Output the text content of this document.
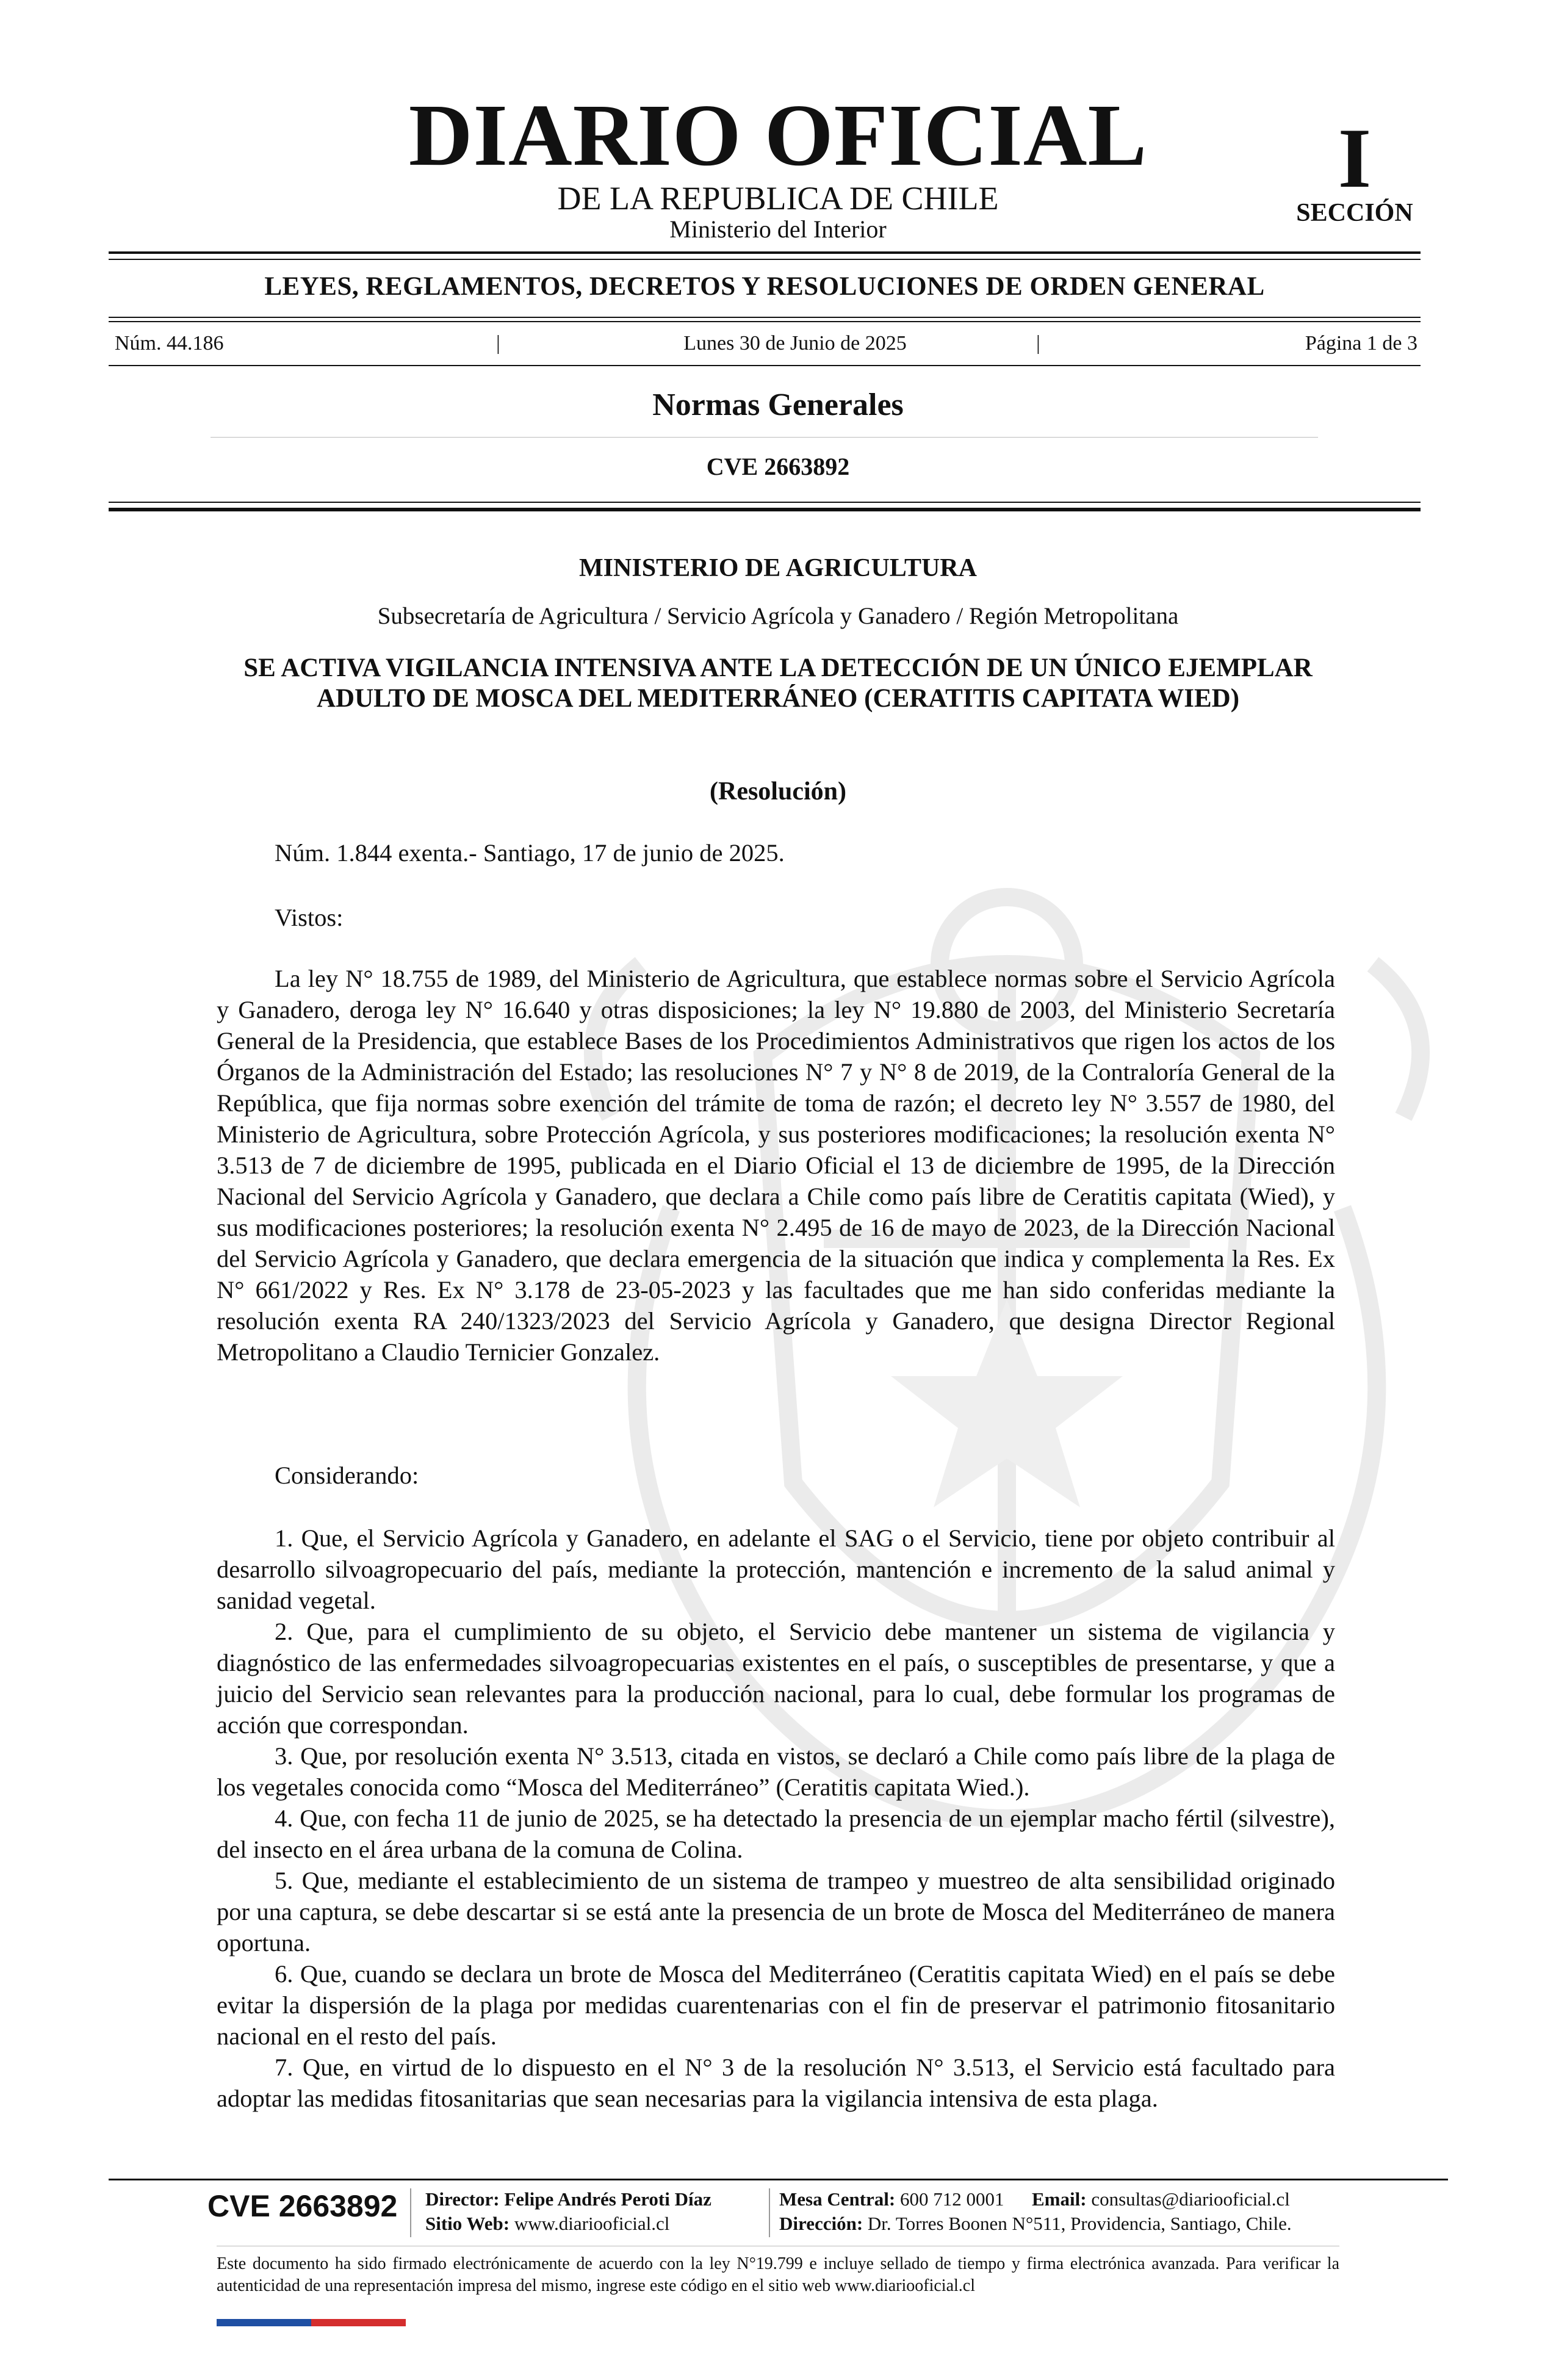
DIARIO OFICIAL
DE LA REPUBLICA DE CHILE
Ministerio del Interior
I
SECCIÓN
LEYES, REGLAMENTOS, DECRETOS Y RESOLUCIONES DE ORDEN GENERAL
Núm. 44.186	|	Lunes 30 de Junio de 2025	|	Página 1 de 3
Normas Generales
CVE 2663892
MINISTERIO DE AGRICULTURA
Subsecretaría de Agricultura / Servicio Agrícola y Ganadero / Región Metropolitana
SE ACTIVA VIGILANCIA INTENSIVA ANTE LA DETECCIÓN DE UN ÚNICO EJEMPLAR ADULTO DE MOSCA DEL MEDITERRÁNEO (CERATITIS CAPITATA WIED)
(Resolución)
Núm. 1.844 exenta.- Santiago, 17 de junio de 2025.
Vistos:
La ley N° 18.755 de 1989, del Ministerio de Agricultura, que establece normas sobre el Servicio Agrícola y Ganadero, deroga ley N° 16.640 y otras disposiciones; la ley N° 19.880 de 2003, del Ministerio Secretaría General de la Presidencia, que establece Bases de los Procedimientos Administrativos que rigen los actos de los Órganos de la Administración del Estado; las resoluciones N° 7 y N° 8 de 2019, de la Contraloría General de la República, que fija normas sobre exención del trámite de toma de razón; el decreto ley N° 3.557 de 1980, del Ministerio de Agricultura, sobre Protección Agrícola, y sus posteriores modificaciones; la resolución exenta N° 3.513 de 7 de diciembre de 1995, publicada en el Diario Oficial el 13 de diciembre de 1995, de la Dirección Nacional del Servicio Agrícola y Ganadero, que declara a Chile como país libre de Ceratitis capitata (Wied), y sus modificaciones posteriores; la resolución exenta N° 2.495 de 16 de mayo de 2023, de la Dirección Nacional del Servicio Agrícola y Ganadero, que declara emergencia de la situación que indica y complementa la Res. Ex N° 661/2022 y Res. Ex N° 3.178 de 23-05-2023 y las facultades que me han sido conferidas mediante la resolución exenta RA 240/1323/2023 del Servicio Agrícola y Ganadero, que designa Director Regional Metropolitano a Claudio Ternicier Gonzalez.
Considerando:

1. Que, el Servicio Agrícola y Ganadero, en adelante el SAG o el Servicio, tiene por objeto contribuir al desarrollo silvoagropecuario del país, mediante la protección, mantención e incremento de la salud animal y sanidad vegetal.

2. Que, para el cumplimiento de su objeto, el Servicio debe mantener un sistema de vigilancia y diagnóstico de las enfermedades silvoagropecuarias existentes en el país, o susceptibles de presentarse, y que a juicio del Servicio sean relevantes para la producción nacional, para lo cual, debe formular los programas de acción que correspondan.

3. Que, por resolución exenta N° 3.513, citada en vistos, se declaró a Chile como país libre de la plaga de los vegetales conocida como “Mosca del Mediterráneo” (Ceratitis capitata Wied.).

4. Que, con fecha 11 de junio de 2025, se ha detectado la presencia de un ejemplar macho fértil (silvestre), del insecto en el área urbana de la comuna de Colina.

5. Que, mediante el establecimiento de un sistema de trampeo y muestreo de alta sensibilidad originado por una captura, se debe descartar si se está ante la presencia de un brote de Mosca del Mediterráneo de manera oportuna.

6. Que, cuando se declara un brote de Mosca del Mediterráneo (Ceratitis capitata Wied) en el país se debe evitar la dispersión de la plaga por medidas cuarentenarias con el fin de preservar el patrimonio fitosanitario nacional en el resto del país.

7. Que, en virtud de lo dispuesto en el N° 3 de la resolución N° 3.513, el Servicio está facultado para adoptar las medidas fitosanitarias que sean necesarias para la vigilancia intensiva de esta plaga.

CVE 2663892	Director: Felipe Andrés Peroti Díaz
Sitio Web: www.diariooficial.cl
Mesa Central: 600 712 0001 Email: consultas@diariooficial.cl
Dirección: Dr. Torres Boonen N°511, Providencia, Santiago, Chile.
Este documento ha sido firmado electrónicamente de acuerdo con la ley N°19.799 e incluye sellado de tiempo y firma electrónica avanzada. Para verificar la autenticidad de una representación impresa del mismo, ingrese este código en el sitio web www.diariooficial.cl
